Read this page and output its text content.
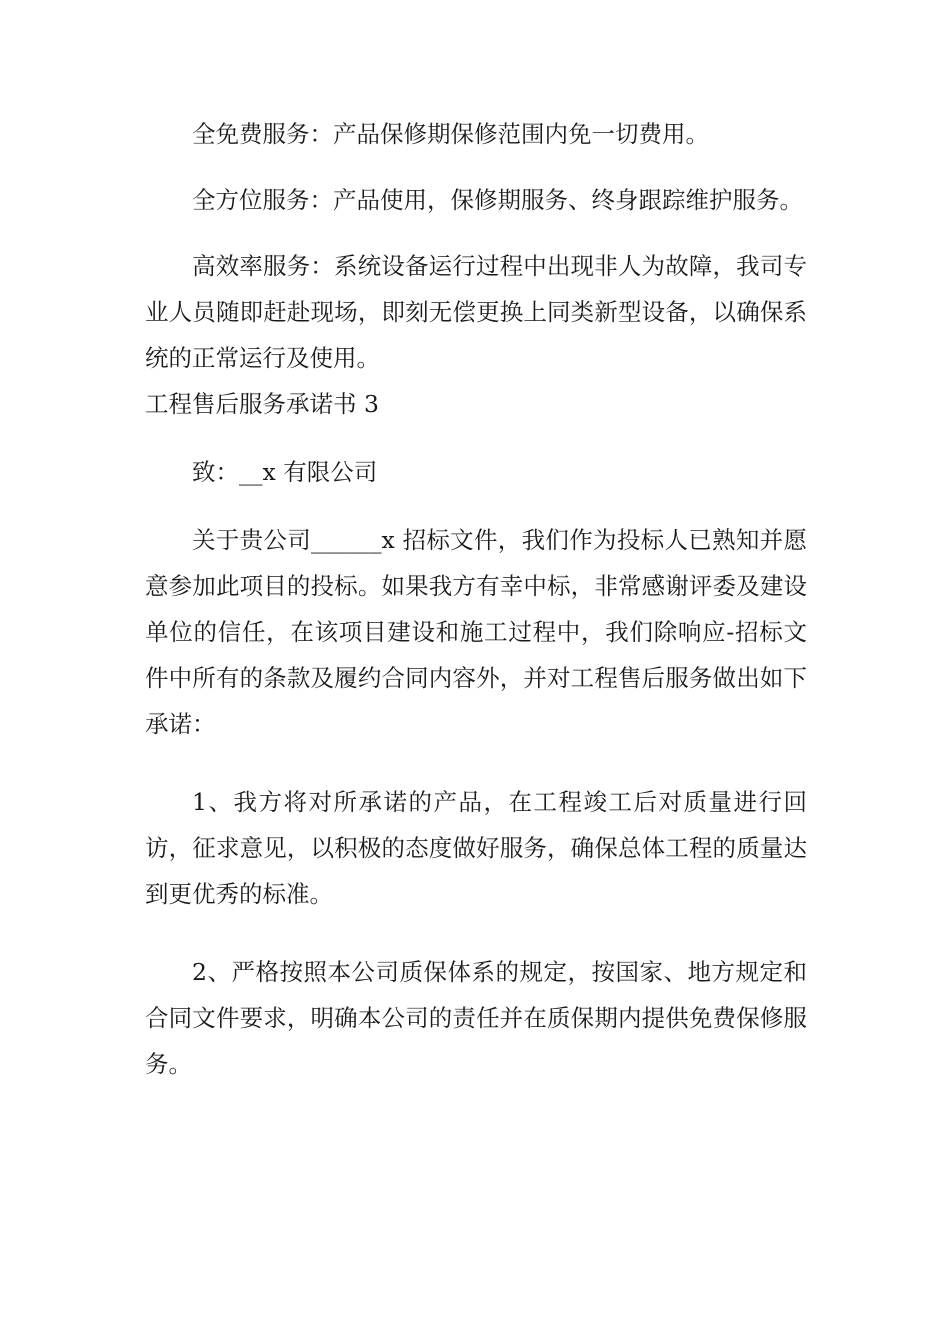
全免费服务：产品保修期保修范围内免一切费用。

全方位服务：产品使用，保修期服务、终身跟踪维护服务。

高效率服务：系统设备运行过程中出现非人为故障，我司专业人员随即赶赴现场，即刻无偿更换上同类新型设备，以确保系统的正常运行及使用。

工程售后服务承诺书 3

致：__x 有限公司

关于贵公司______x 招标文件，我们作为投标人已熟知并愿意参加此项目的投标。如果我方有幸中标，非常感谢评委及建设单位的信任，在该项目建设和施工过程中，我们除响应-招标文件中所有的条款及履约合同内容外，并对工程售后服务做出如下承诺：

1、我方将对所承诺的产品，在工程竣工后对质量进行回访，征求意见，以积极的态度做好服务，确保总体工程的质量达到更优秀的标准。

2、严格按照本公司质保体系的规定，按国家、地方规定和合同文件要求，明确本公司的责任并在质保期内提供免费保修服务。
